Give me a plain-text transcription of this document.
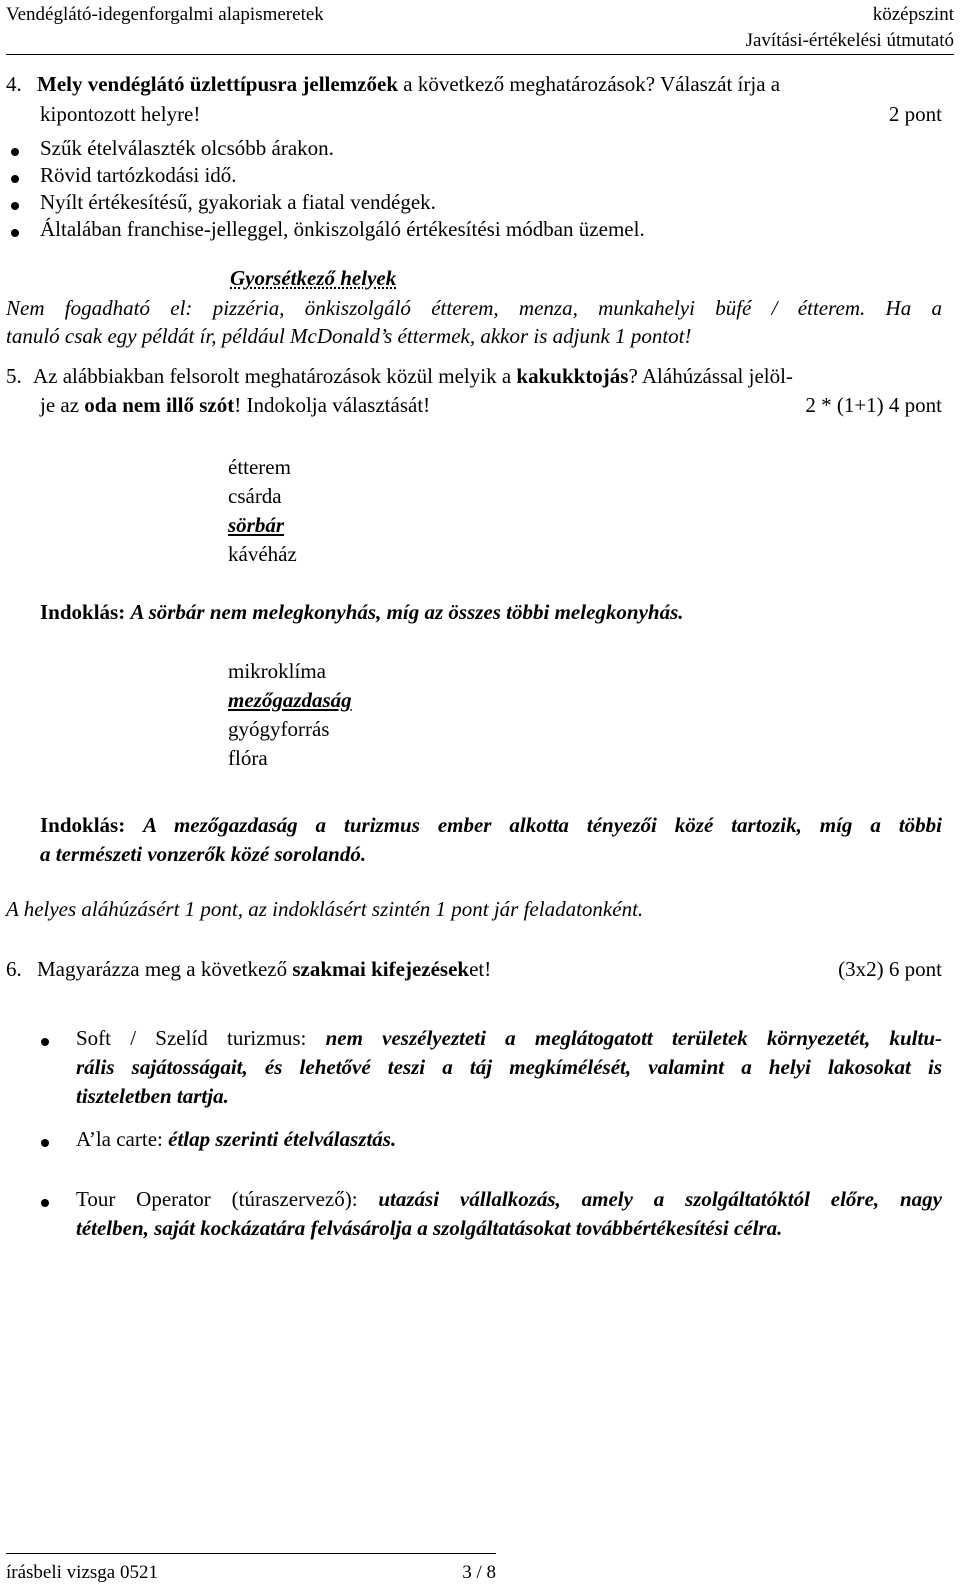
Vendéglátó-idegenforgalmi alapismeretek	középszint
Javítási-értékelési útmutató
4. Mely vendéglátó üzlettípusra jellemzőek a következő meghatározások? Válaszát írja a
kipontozott helyre!	2 pont
Szűk ételválaszték olcsóbb árakon.
Rövid tartózkodási idő.
Nyílt értékesítésű, gyakoriak a fiatal vendégek.
Általában franchise-jelleggel, önkiszolgáló értékesítési módban üzemel.
Gyorsétkező helyek
Nem fogadható el: pizzéria, önkiszolgáló étterem, menza, munkahelyi büfé / étterem. Ha a
tanuló csak egy példát ír, például McDonald’s éttermek, akkor is adjunk 1 pontot!
5. Az alábbiakban felsorolt meghatározások közül melyik a kakukktojás? Aláhúzással jelöl-
je az oda nem illő szót! Indokolja választását!	2 * (1+1) 4 pont
étterem
csárda
sörbár
kávéház
Indoklás: A sörbár nem melegkonyhás, míg az összes többi melegkonyhás.
mikroklíma
mezőgazdaság
gyógyforrás
flóra
Indoklás: A mezőgazdaság a turizmus ember alkotta tényezői közé tartozik, míg a többi
a természeti vonzerők közé sorolandó.
A helyes aláhúzásért 1 pont, az indoklásért szintén 1 pont jár feladatonként.
6. Magyarázza meg a következő szakmai kifejezéseket!	(3x2) 6 pont
Soft / Szelíd turizmus: nem veszélyezteti a meglátogatott területek környezetét, kultu-
rális sajátosságait, és lehetővé teszi a táj megkímélését, valamint a helyi lakosokat is
tiszteletben tartja.
A’la carte: étlap szerinti ételválasztás.
Tour Operator (túraszervező): utazási vállalkozás, amely a szolgáltatóktól előre, nagy
tételben, saját kockázatára felvásárolja a szolgáltatásokat továbbértékesítési célra.
írásbeli vizsga 0521	3 / 8
